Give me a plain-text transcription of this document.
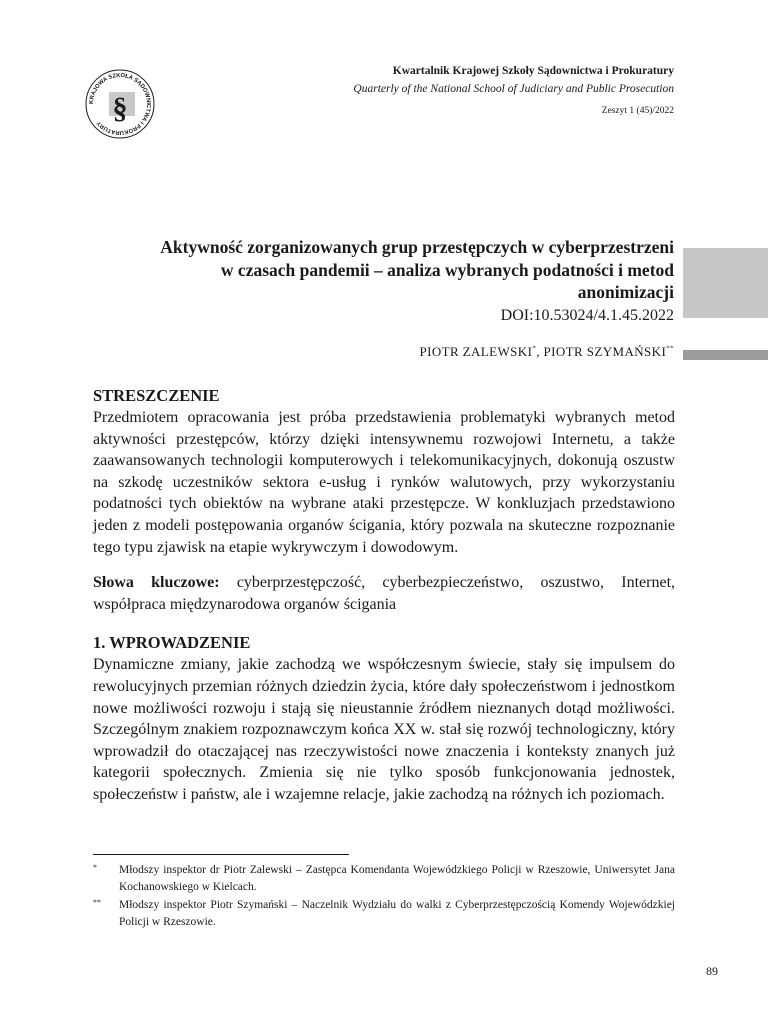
KRAJOWA SZKOŁA SĄDOWNICTWA I PROKURATURY §
Kwartalnik Krajowej Szkoły Sądownictwa i Prokuratury
Quarterly of the National School of Judiciary and Public Prosecution
Zeszyt 1 (45)/2022
Aktywność zorganizowanych grup przestępczych w cyberprzestrzeni
w czasach pandemii – analiza wybranych podatności i metod
anonimizacji
DOI:10.53024/4.1.45.2022
PIOTR ZALEWSKI*, PIOTR SZYMAŃSKI**
STRESZCZENIE

Przedmiotem opracowania jest próba przedstawienia problematyki wybranych metod aktywności przestępców, którzy dzięki intensywnemu rozwojowi Internetu, a także zaawansowanych technologii komputerowych i telekomunikacyjnych, dokonują oszustw na szkodę uczestników sektora e-usług i rynków walutowych, przy wykorzystaniu podatności tych obiektów na wybrane ataki przestępcze. W konkluzjach przedstawiono jeden z modeli postępowania organów ścigania, który pozwala na skuteczne rozpoznanie tego typu zjawisk na etapie wykrywczym i dowodowym.

Słowa kluczowe: cyberprzestępczość, cyberbezpieczeństwo, oszustwo, Internet, współpraca międzynarodowa organów ścigania

1. WPROWADZENIE

Dynamiczne zmiany, jakie zachodzą we współczesnym świecie, stały się impulsem do rewolucyjnych przemian różnych dziedzin życia, które dały społeczeństwom i jednostkom nowe możliwości rozwoju i stają się nieustannie źródłem nieznanych dotąd możliwości. Szczególnym znakiem rozpoznawczym końca XX w. stał się rozwój technologiczny, który wprowadził do otaczającej nas rzeczywistości nowe znaczenia i konteksty znanych już kategorii społecznych. Zmienia się nie tylko sposób funkcjonowania jednostek, społeczeństw i państw, ale i wzajemne relacje, jakie zachodzą na różnych ich poziomach.

* Młodszy inspektor dr Piotr Zalewski – Zastępca Komendanta Wojewódzkiego Policji w Rzeszowie, Uniwersytet Jana Kochanowskiego w Kielcach.
** Młodszy inspektor Piotr Szymański – Naczelnik Wydziału do walki z Cyberprzestępczością Komendy Wojewódzkiej Policji w Rzeszowie.
89
